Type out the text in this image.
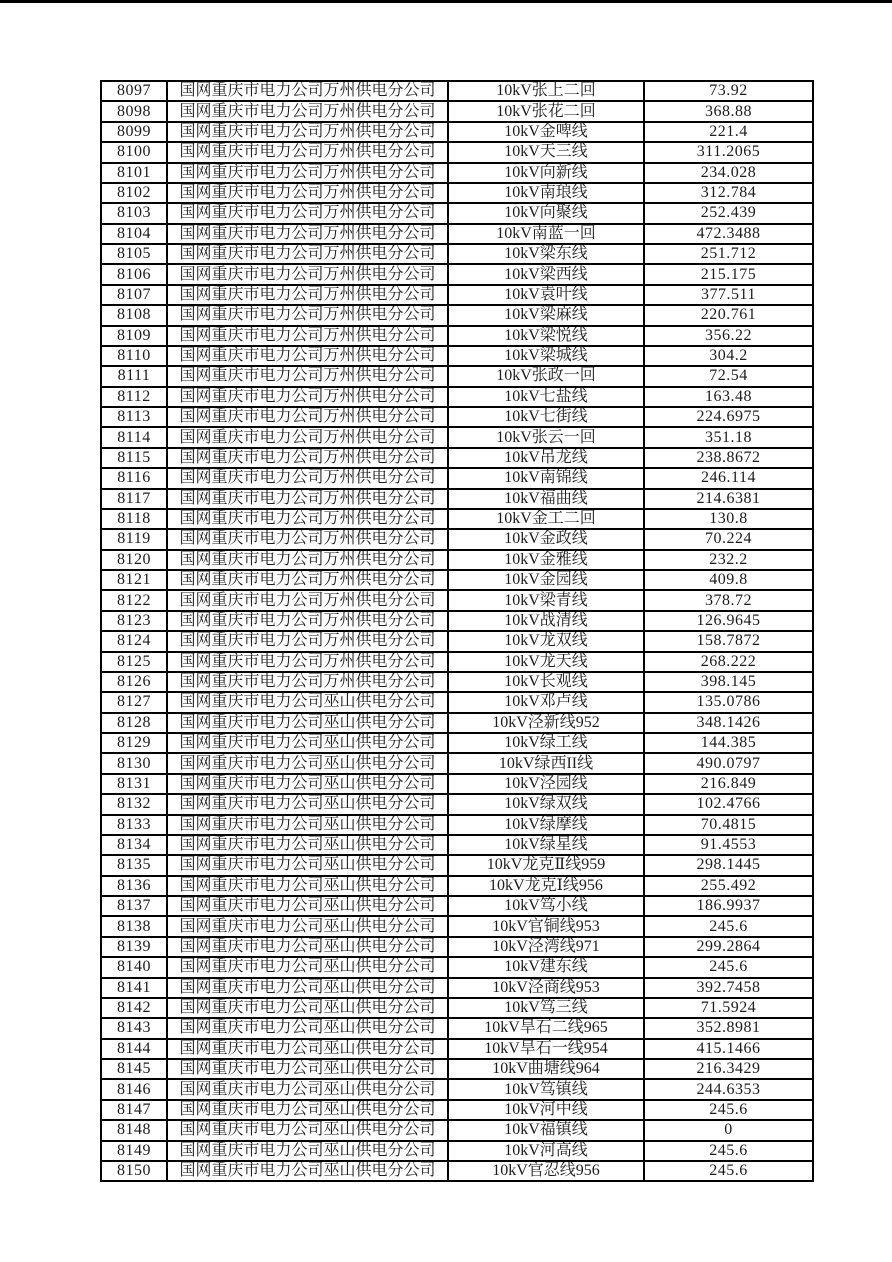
8097	国网重庆市电力公司万州供电分公司	10kV张上二回	73.92
8098	国网重庆市电力公司万州供电分公司	10kV张花二回	368.88
8099	国网重庆市电力公司万州供电分公司	10kV金啤线	221.4
8100	国网重庆市电力公司万州供电分公司	10kV天三线	311.2065
8101	国网重庆市电力公司万州供电分公司	10kV向新线	234.028
8102	国网重庆市电力公司万州供电分公司	10kV南琅线	312.784
8103	国网重庆市电力公司万州供电分公司	10kV向聚线	252.439
8104	国网重庆市电力公司万州供电分公司	10kV南蓝一回	472.3488
8105	国网重庆市电力公司万州供电分公司	10kV梁东线	251.712
8106	国网重庆市电力公司万州供电分公司	10kV梁西线	215.175
8107	国网重庆市电力公司万州供电分公司	10kV袁叶线	377.511
8108	国网重庆市电力公司万州供电分公司	10kV梁麻线	220.761
8109	国网重庆市电力公司万州供电分公司	10kV梁悦线	356.22
8110	国网重庆市电力公司万州供电分公司	10kV梁城线	304.2
8111	国网重庆市电力公司万州供电分公司	10kV张政一回	72.54
8112	国网重庆市电力公司万州供电分公司	10kV七盐线	163.48
8113	国网重庆市电力公司万州供电分公司	10kV七街线	224.6975
8114	国网重庆市电力公司万州供电分公司	10kV张云一回	351.18
8115	国网重庆市电力公司万州供电分公司	10kV吊龙线	238.8672
8116	国网重庆市电力公司万州供电分公司	10kV南锦线	246.114
8117	国网重庆市电力公司万州供电分公司	10kV福曲线	214.6381
8118	国网重庆市电力公司万州供电分公司	10kV金工二回	130.8
8119	国网重庆市电力公司万州供电分公司	10kV金政线	70.224
8120	国网重庆市电力公司万州供电分公司	10kV金雅线	232.2
8121	国网重庆市电力公司万州供电分公司	10kV金园线	409.8
8122	国网重庆市电力公司万州供电分公司	10kV梁青线	378.72
8123	国网重庆市电力公司万州供电分公司	10kV战清线	126.9645
8124	国网重庆市电力公司万州供电分公司	10kV龙双线	158.7872
8125	国网重庆市电力公司万州供电分公司	10kV龙天线	268.222
8126	国网重庆市电力公司万州供电分公司	10kV长观线	398.145
8127	国网重庆市电力公司巫山供电分公司	10kV邓卢线	135.0786
8128	国网重庆市电力公司巫山供电分公司	10kV泾新线952	348.1426
8129	国网重庆市电力公司巫山供电分公司	10kV绿工线	144.385
8130	国网重庆市电力公司巫山供电分公司	10kV绿西II线	490.0797
8131	国网重庆市电力公司巫山供电分公司	10kV泾园线	216.849
8132	国网重庆市电力公司巫山供电分公司	10kV绿双线	102.4766
8133	国网重庆市电力公司巫山供电分公司	10kV绿摩线	70.4815
8134	国网重庆市电力公司巫山供电分公司	10kV绿星线	91.4553
8135	国网重庆市电力公司巫山供电分公司	10kV龙克Ⅱ线959	298.1445
8136	国网重庆市电力公司巫山供电分公司	10kV龙克Ⅰ线956	255.492
8137	国网重庆市电力公司巫山供电分公司	10kV笃小线	186.9937
8138	国网重庆市电力公司巫山供电分公司	10kV官铜线953	245.6
8139	国网重庆市电力公司巫山供电分公司	10kV泾湾线971	299.2864
8140	国网重庆市电力公司巫山供电分公司	10kV建东线	245.6
8141	国网重庆市电力公司巫山供电分公司	10kV泾商线953	392.7458
8142	国网重庆市电力公司巫山供电分公司	10kV笃三线	71.5924
8143	国网重庆市电力公司巫山供电分公司	10kV旱石二线965	352.8981
8144	国网重庆市电力公司巫山供电分公司	10kV旱石一线954	415.1466
8145	国网重庆市电力公司巫山供电分公司	10kV曲塘线964	216.3429
8146	国网重庆市电力公司巫山供电分公司	10kV笃镇线	244.6353
8147	国网重庆市电力公司巫山供电分公司	10kV河中线	245.6
8148	国网重庆市电力公司巫山供电分公司	10kV福镇线	0
8149	国网重庆市电力公司巫山供电分公司	10kV河高线	245.6
8150	国网重庆市电力公司巫山供电分公司	10kV官忍线956	245.6
